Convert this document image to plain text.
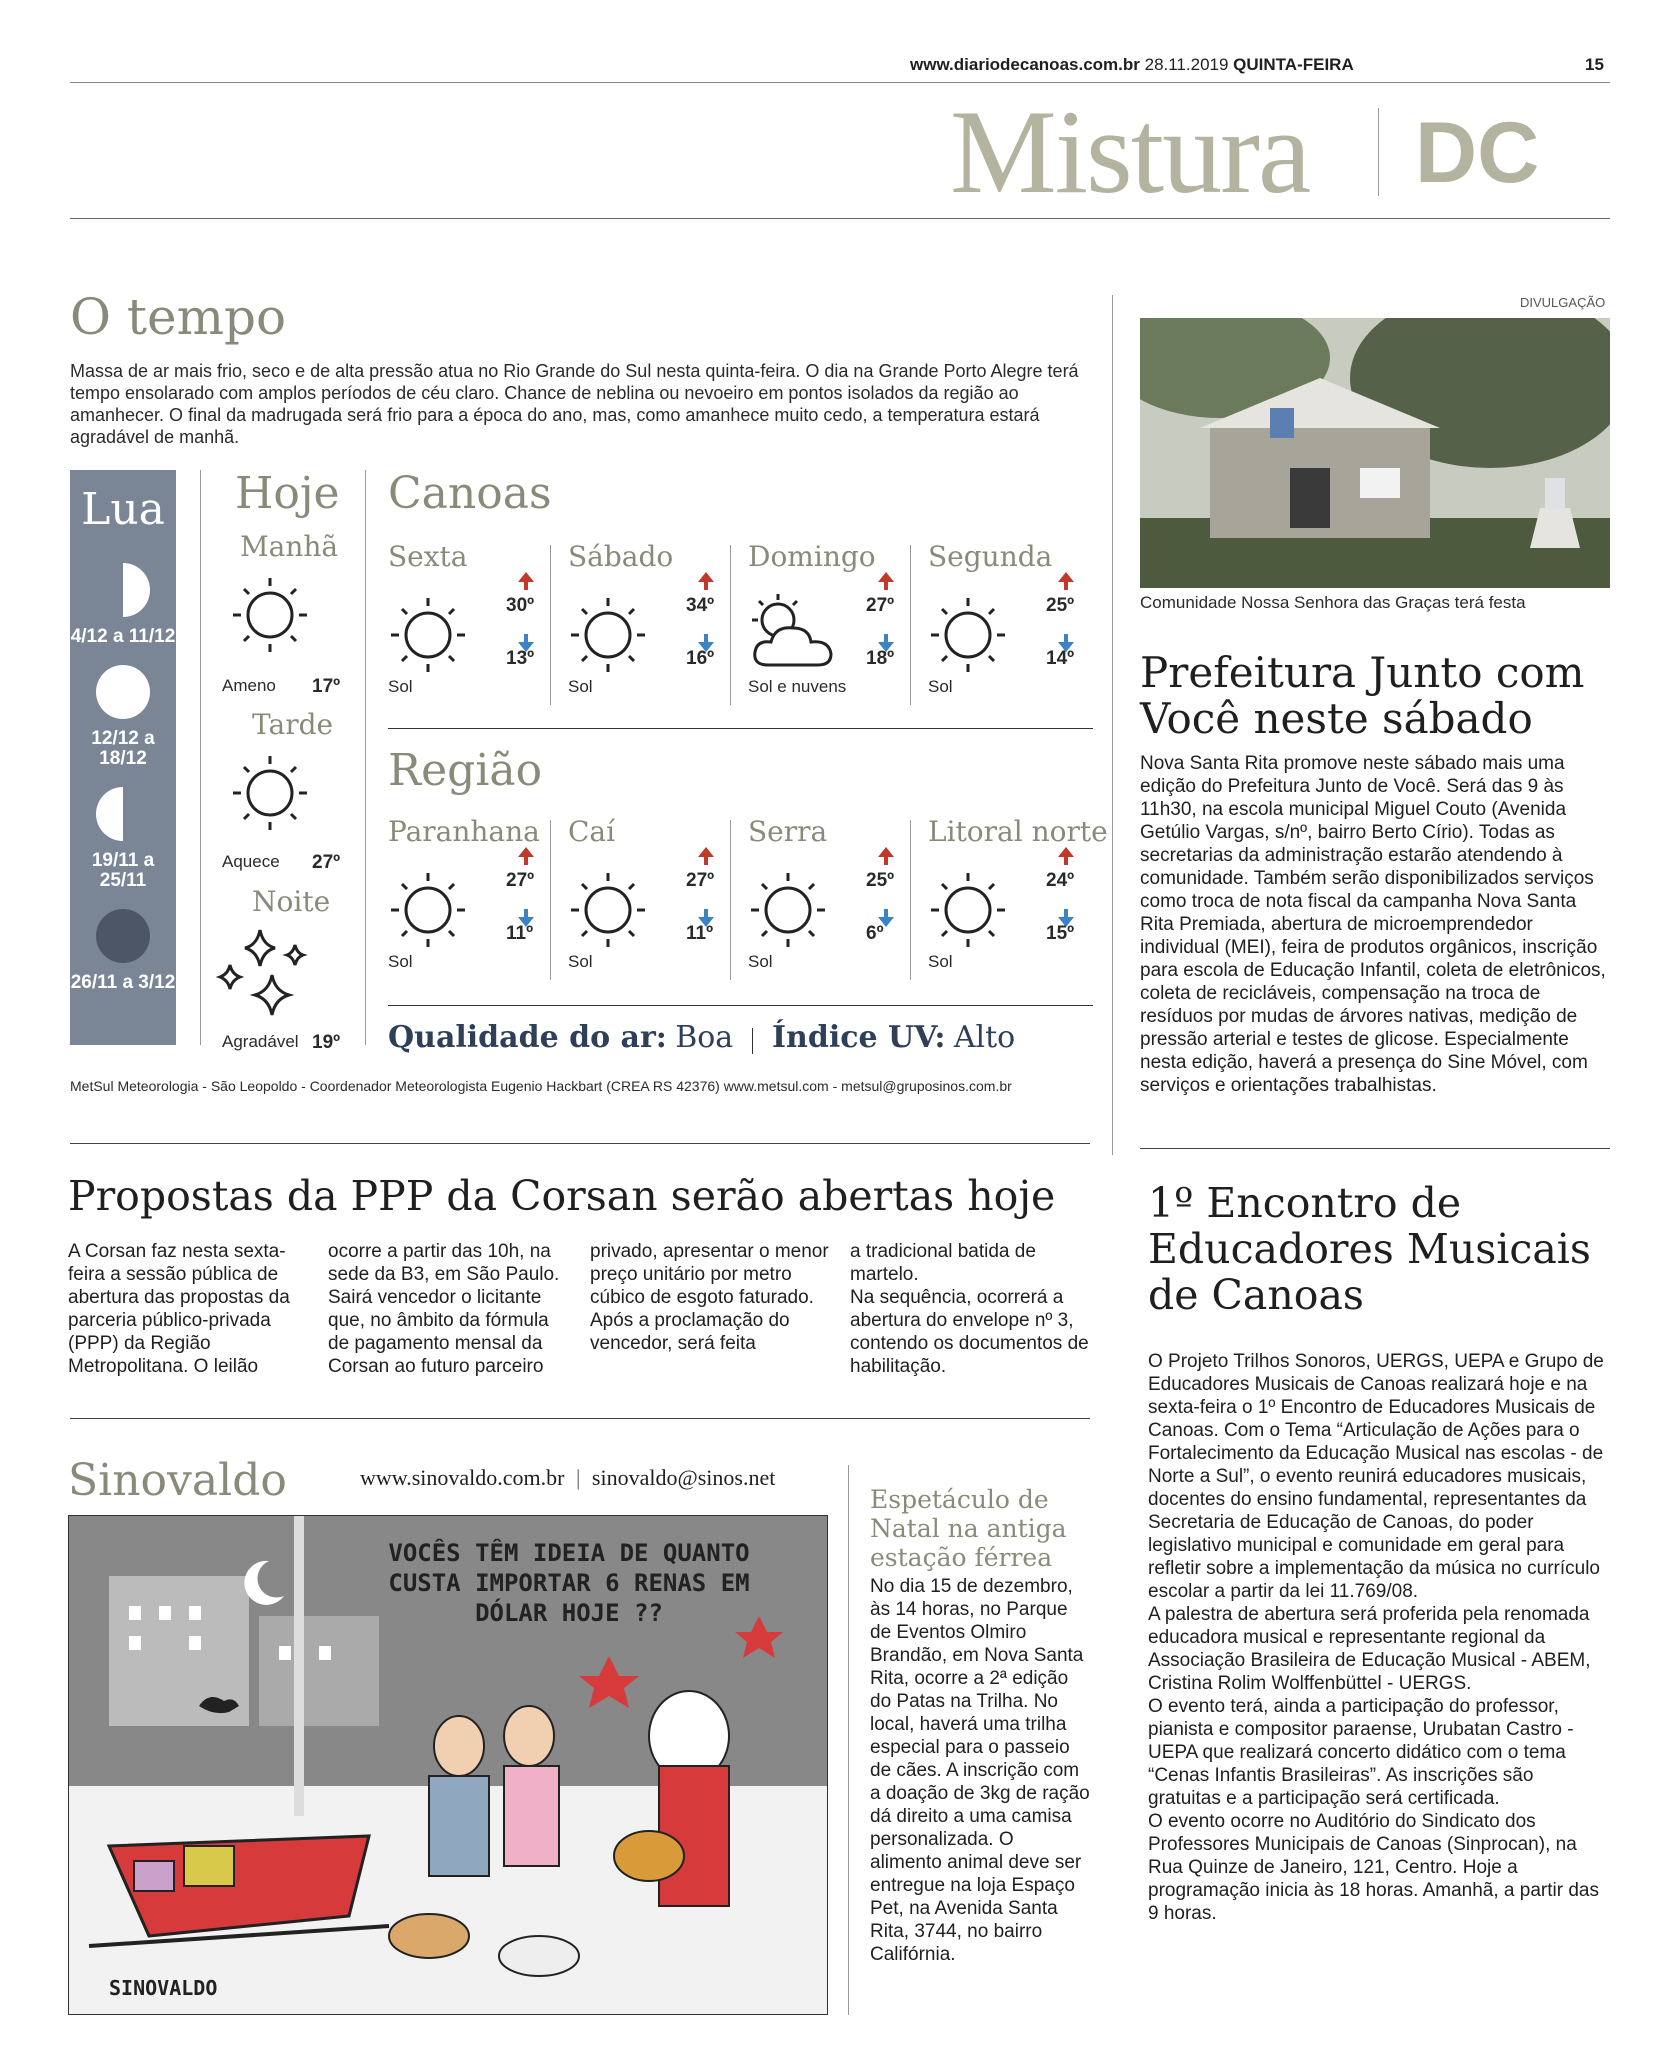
www.diariodecanoas.com.br 28.11.2019 QUINTA-FEIRA	15
Mistura DC
O tempo
Massa de ar mais frio, seco e de alta pressão atua no Rio Grande do Sul nesta quinta-feira. O dia na Grande Porto Alegre terá tempo ensolarado com amplos períodos de céu claro. Chance de neblina ou nevoeiro em pontos isolados da região ao amanhecer. O final da madrugada será frio para a época do ano, mas, como amanhece muito cedo, a temperatura estará agradável de manhã.
Lua
4/12 a 11/12
12/12 a 18/12
19/11 a 25/11
26/11 a 3/12
Hoje
Manhã
Ameno 17º
Tarde
Aquece 27º
Noite
Agradável 19º
Canoas
Sexta
30º
13º
Sol
Sábado
34º
16º
Sol
Domingo
27º
18º
Sol e nuvens
Segunda
25º
14º
Sol
Região
Paranhana
27º
11º
Sol
Caí
27º
11º
Sol
Serra
25º
6º
Sol
Litoral norte
24º
15º
Sol
Qualidade do ar: Boa Índice UV: Alto
MetSul Meteorologia - São Leopoldo - Coordenador Meteorologista Eugenio Hackbart (CREA RS 42376) www.metsul.com - metsul@gruposinos.com.br
Propostas da PPP da Corsan serão abertas hoje
A Corsan faz nesta sexta-feira a sessão pública de abertura das propostas da parceria público-privada (PPP) da Região Metropolitana. O leilão
ocorre a partir das 10h, na sede da B3, em São Paulo. Sairá vencedor o licitante que, no âmbito da fórmula de pagamento mensal da Corsan ao futuro parceiro
privado, apresentar o menor preço unitário por metro cúbico de esgoto faturado.
Após a proclamação do vencedor, será feita
a tradicional batida de martelo.
Na sequência, ocorrerá a abertura do envelope nº 3, contendo os documentos de habilitação.
Sinovaldo	www.sinovaldo.com.br | sinovaldo@sinos.net
VOCÊS TÊM IDEIA DE QUANTO CUSTA IMPORTAR 6 RENAS EM DÓLAR HOJE ??
SINOVALDO
Espetáculo de Natal na antiga estação férrea
No dia 15 de dezembro, às 14 horas, no Parque de Eventos Olmiro Brandão, em Nova Santa Rita, ocorre a 2ª edição do Patas na Trilha. No local, haverá uma trilha especial para o passeio de cães. A inscrição com a doação de 3kg de ração dá direito a uma camisa personalizada. O alimento animal deve ser entregue na loja Espaço Pet, na Avenida Santa Rita, 3744, no bairro Califórnia.
DIVULGAÇÃO
Comunidade Nossa Senhora das Graças terá festa
Prefeitura Junto com Você neste sábado
Nova Santa Rita promove neste sábado mais uma edição do Prefeitura Junto de Você. Será das 9 às 11h30, na escola municipal Miguel Couto (Avenida Getúlio Vargas, s/nº, bairro Berto Círio). Todas as secretarias da administração estarão atendendo à comunidade. Também serão disponibilizados serviços como troca de nota fiscal da campanha Nova Santa Rita Premiada, abertura de microemprendedor individual (MEI), feira de produtos orgânicos, inscrição para escola de Educação Infantil, coleta de eletrônicos, coleta de recicláveis, compensação na troca de resíduos por mudas de árvores nativas, medição de pressão arterial e testes de glicose. Especialmente nesta edição, haverá a presença do Sine Móvel, com serviços e orientações trabalhistas.
1º Encontro de Educadores Musicais de Canoas
O Projeto Trilhos Sonoros, UERGS, UEPA e Grupo de Educadores Musicais de Canoas realizará hoje e na sexta-feira o 1º Encontro de Educadores Musicais de Canoas. Com o Tema “Articulação de Ações para o Fortalecimento da Educação Musical nas escolas - de Norte a Sul”, o evento reunirá educadores musicais, docentes do ensino fundamental, representantes da Secretaria de Educação de Canoas, do poder legislativo municipal e comunidade em geral para refletir sobre a implementação da música no currículo escolar a partir da lei 11.769/08.
A palestra de abertura será proferida pela renomada educadora musical e representante regional da Associação Brasileira de Educação Musical - ABEM, Cristina Rolim Wolffenbüttel - UERGS.
O evento terá, ainda a participação do professor, pianista e compositor paraense, Urubatan Castro - UEPA que realizará concerto didático com o tema “Cenas Infantis Brasileiras”. As inscrições são gratuitas e a participação será certificada.
O evento ocorre no Auditório do Sindicato dos Professores Municipais de Canoas (Sinprocan), na Rua Quinze de Janeiro, 121, Centro. Hoje a programação inicia às 18 horas. Amanhã, a partir das 9 horas.
